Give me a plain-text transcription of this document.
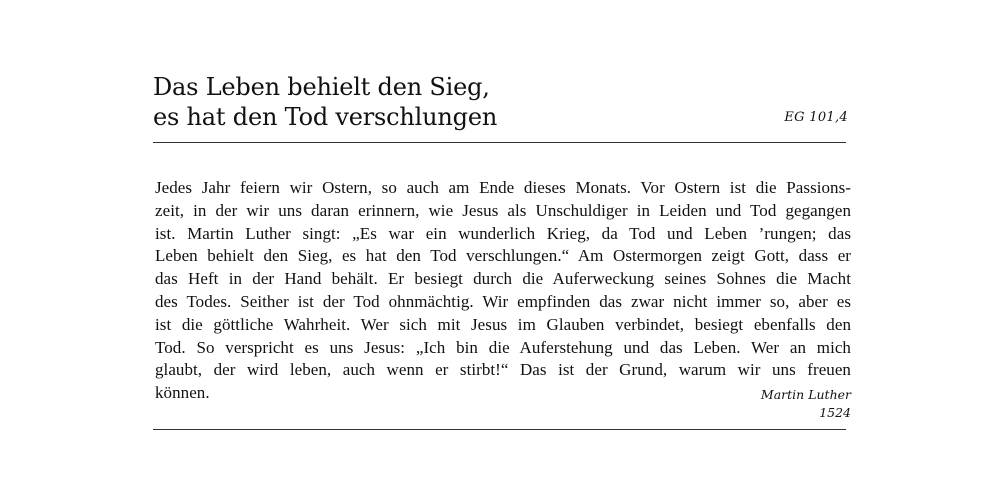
Das Leben behielt den Sieg,
es hat den Tod verschlungen	EG 101,4

Jedes Jahr feiern wir Ostern, so auch am Ende dieses Monats. Vor Ostern ist die Passions-
zeit, in der wir uns daran erinnern, wie Jesus als Unschuldiger in Leiden und Tod gegangen
ist. Martin Luther singt: „Es war ein wunderlich Krieg, da Tod und Leben ’rungen; das
Leben behielt den Sieg, es hat den Tod verschlungen.“ Am Ostermorgen zeigt Gott, dass er
das Heft in der Hand behält. Er besiegt durch die Auferweckung seines Sohnes die Macht
des Todes. Seither ist der Tod ohnmächtig. Wir empfinden das zwar nicht immer so, aber es
ist die göttliche Wahrheit. Wer sich mit Jesus im Glauben verbindet, besiegt ebenfalls den
Tod. So verspricht es uns Jesus: „Ich bin die Auferstehung und das Leben. Wer an mich
glaubt, der wird leben, auch wenn er stirbt!“ Das ist der Grund, warum wir uns freuen
können.	Martin Luther
1524
